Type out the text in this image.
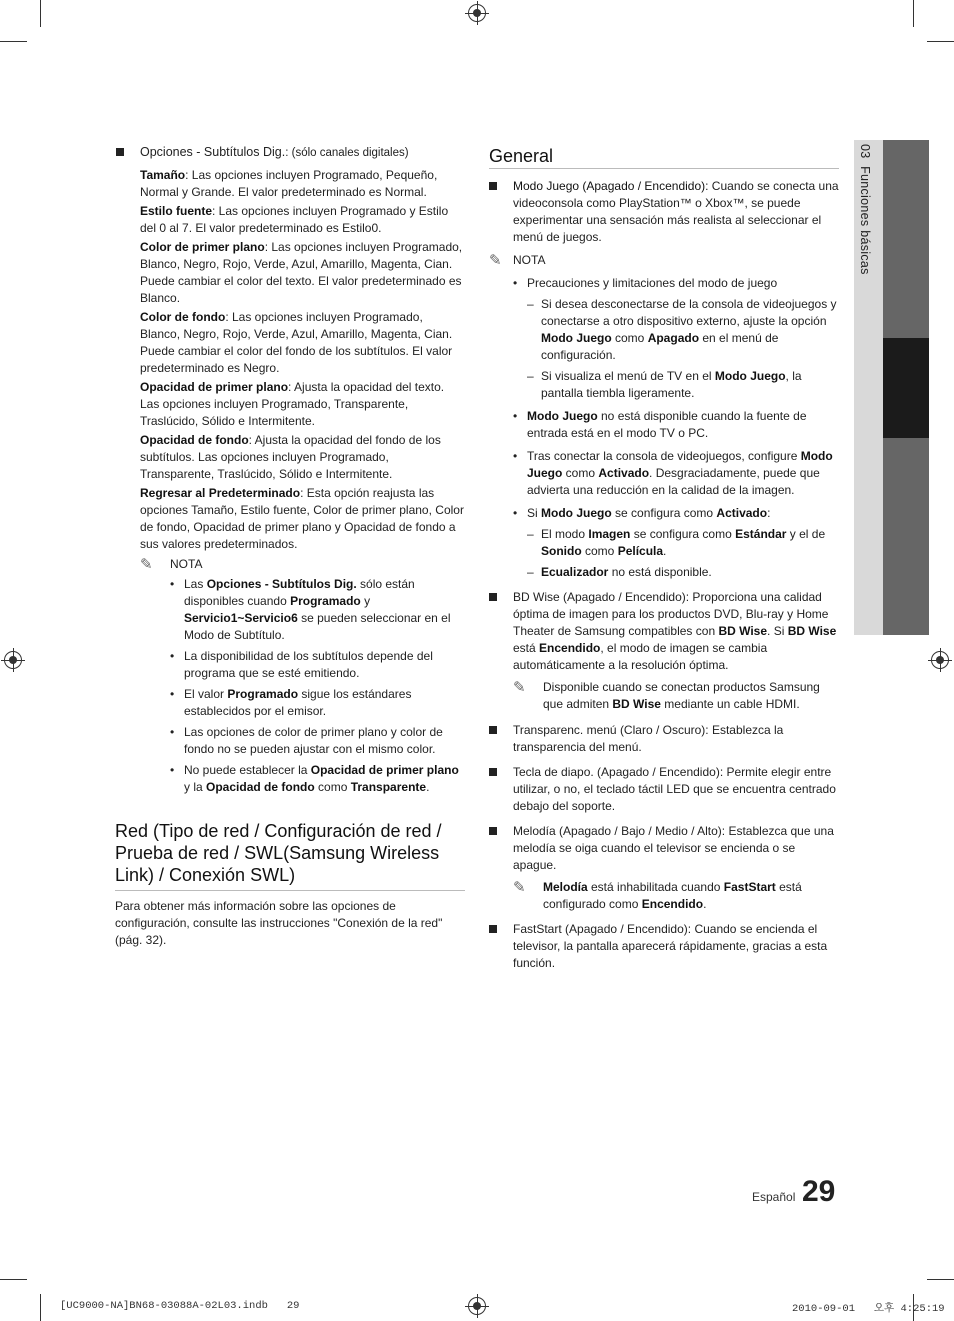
03  Funciones básicas

Opciones - Subtítulos Dig.: (sólo canales digitales)

Tamaño: Las opciones incluyen Programado, Pequeño, Normal y Grande. El valor predeterminado es Normal.

Estilo fuente: Las opciones incluyen Programado y Estilo del 0 al 7. El valor predeterminado es Estilo0.

Color de primer plano: Las opciones incluyen Programado, Blanco, Negro, Rojo, Verde, Azul, Amarillo, Magenta, Cian. Puede cambiar el color del texto. El valor predeterminado es Blanco.

Color de fondo: Las opciones incluyen Programado, Blanco, Negro, Rojo, Verde, Azul, Amarillo, Magenta, Cian. Puede cambiar el color del fondo de los subtítulos. El valor predeterminado es Negro.

Opacidad de primer plano: Ajusta la opacidad del texto. Las opciones incluyen Programado, Transparente, Traslúcido, Sólido e Intermitente.

Opacidad de fondo: Ajusta la opacidad del fondo de los subtítulos. Las opciones incluyen Programado, Transparente, Traslúcido, Sólido e Intermitente.

Regresar al Predeterminado: Esta opción reajusta las opciones Tamaño, Estilo fuente, Color de primer plano, Color de fondo, Opacidad de primer plano y Opacidad de fondo a sus valores predeterminados.

✎ NOTA
• Las Opciones - Subtítulos Dig. sólo están disponibles cuando Programado y Servicio1~Servicio6 se pueden seleccionar en el Modo de Subtítulo.
• La disponibilidad de los subtítulos depende del programa que se esté emitiendo.
• El valor Programado sigue los estándares establecidos por el emisor.
• Las opciones de color de primer plano y color de fondo no se pueden ajustar con el mismo color.
• No puede establecer la Opacidad de primer plano y la Opacidad de fondo como Transparente.
Red (Tipo de red / Configuración de red / Prueba de red / SWL(Samsung Wireless Link) / Conexión SWL)

Para obtener más información sobre las opciones de configuración, consulte las instrucciones "Conexión de la red" (pág. 32).

General

Modo Juego (Apagado / Encendido): Cuando se conecta una videoconsola como PlayStation™ o Xbox™, se puede experimentar una sensación más realista al seleccionar el menú de juegos.

✎ NOTA
• Precauciones y limitaciones del modo de juego
– Si desea desconectarse de la consola de videojuegos y conectarse a otro dispositivo externo, ajuste la opción Modo Juego como Apagado en el menú de configuración.
– Si visualiza el menú de TV en el Modo Juego, la pantalla tiembla ligeramente.
• Modo Juego no está disponible cuando la fuente de entrada está en el modo TV o PC.
• Tras conectar la consola de videojuegos, configure Modo Juego como Activado. Desgraciadamente, puede que advierta una reducción en la calidad de la imagen.
• Si Modo Juego se configura como Activado:
– El modo Imagen se configura como Estándar y el de Sonido como Película.
– Ecualizador no está disponible.

BD Wise (Apagado / Encendido): Proporciona una calidad óptima de imagen para los productos DVD, Blu-ray y Home Theater de Samsung compatibles con BD Wise. Si BD Wise está Encendido, el modo de imagen se cambia automáticamente a la resolución óptima.

✎ Disponible cuando se conectan productos Samsung que admiten BD Wise mediante un cable HDMI.

Transparenc. menú (Claro / Oscuro): Establezca la transparencia del menú.

Tecla de diapo. (Apagado / Encendido): Permite elegir entre utilizar, o no, el teclado táctil LED que se encuentra centrado debajo del soporte.

Melodía (Apagado / Bajo / Medio / Alto): Establezca que una melodía se oiga cuando el televisor se encienda o se apague.

✎ Melodía está inhabilitada cuando FastStart está configurado como Encendido.

FastStart (Apagado / Encendido): Cuando se encienda el televisor, la pantalla aparecerá rápidamente, gracias a esta función.

Español 29
[UC9000-NA]BN68-03088A-02L03.indb   29	2010-09-01   오후 4:25:19
